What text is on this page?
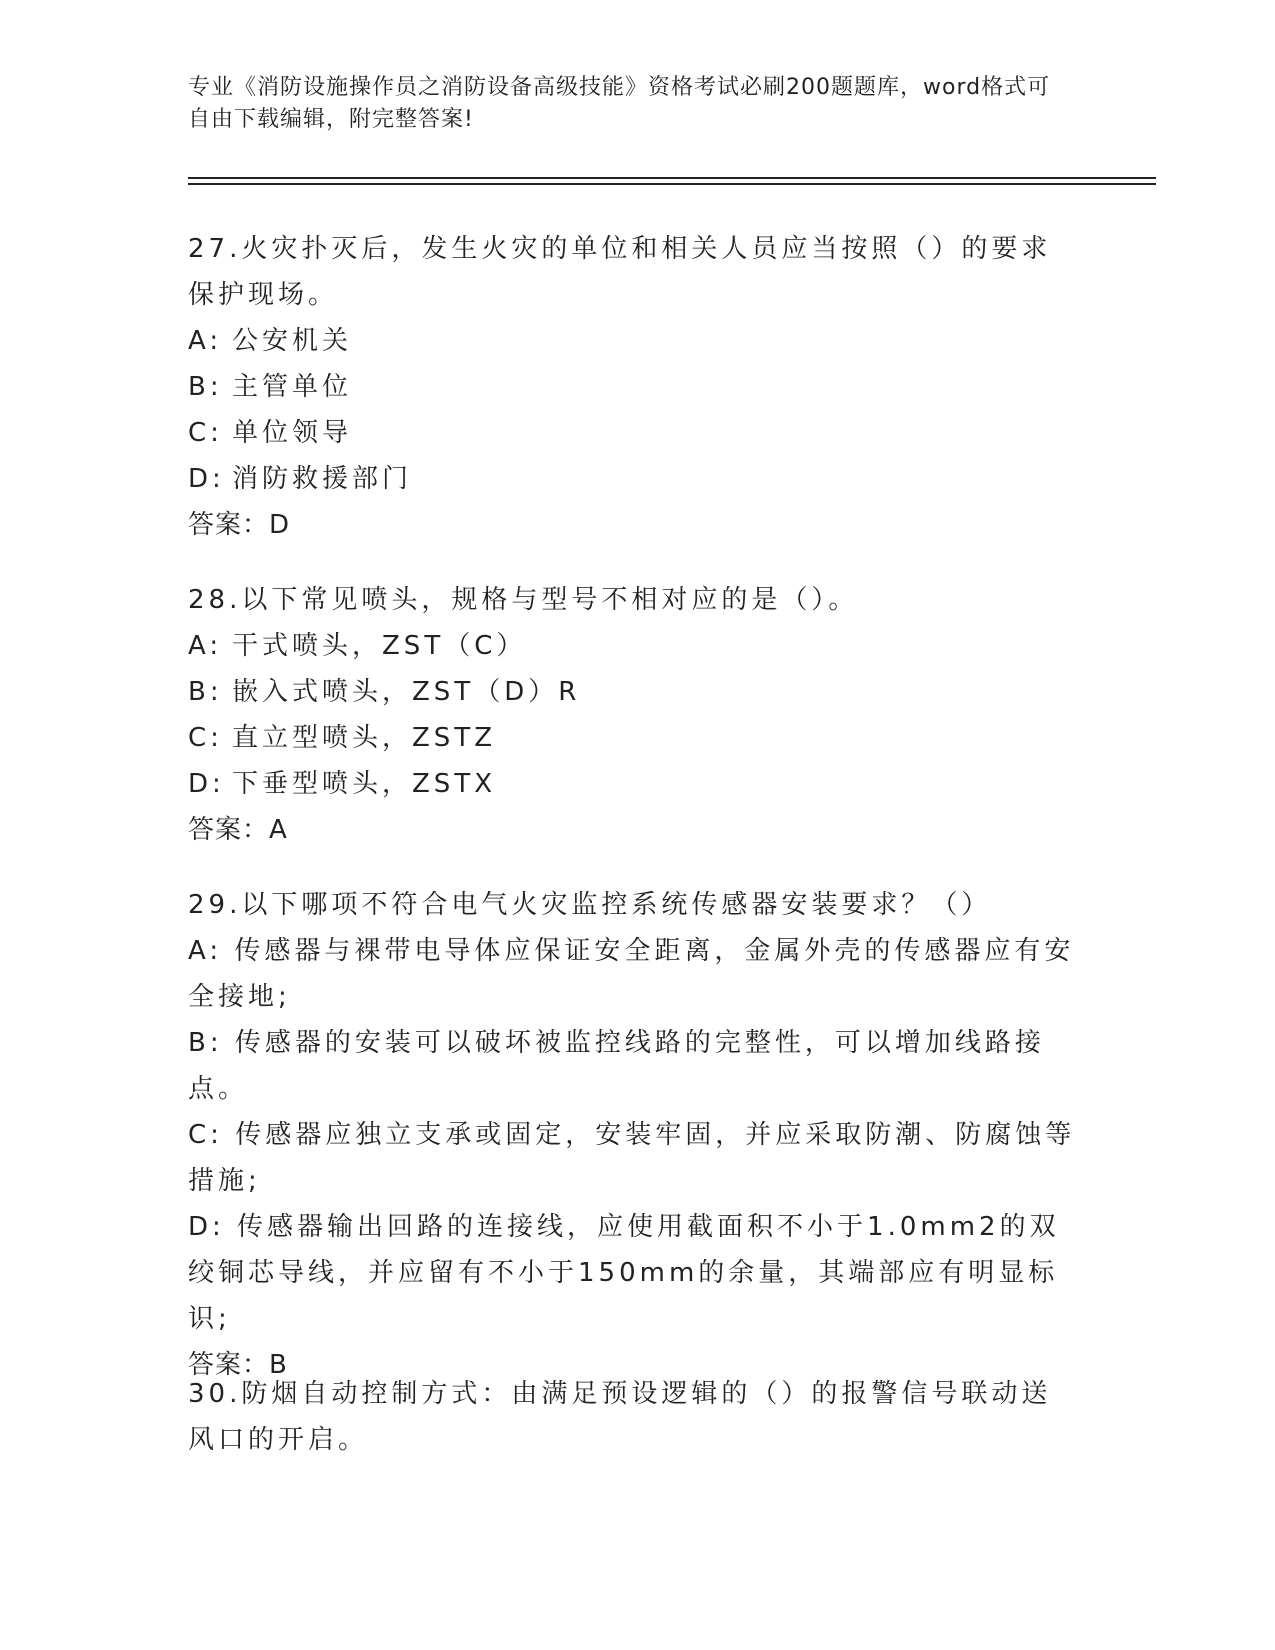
专业《消防设施操作员之消防设备高级技能》资格考试必刷200题题库，word格式可自由下载编辑，附完整答案!
27.火灾扑灭后，发生火灾的单位和相关人员应当按照（）的要求保护现场。
A: 公安机关
B: 主管单位
C: 单位领导
D: 消防救援部门
答案：D
28.以下常见喷头，规格与型号不相对应的是（）。
A: 干式喷头，ZST（C）
B: 嵌入式喷头，ZST（D）R
C: 直立型喷头，ZSTZ
D: 下垂型喷头，ZSTX
答案：A
29.以下哪项不符合电气火灾监控系统传感器安装要求？（）
A: 传感器与裸带电导体应保证安全距离，金属外壳的传感器应有安全接地;
B: 传感器的安装可以破坏被监控线路的完整性，可以增加线路接点。
C: 传感器应独立支承或固定，安装牢固，并应采取防潮、防腐蚀等措施;
D: 传感器输出回路的连接线，应使用截面积不小于1.0mm2的双绞铜芯导线，并应留有不小于150mm的余量，其端部应有明显标识;
答案：B
30.防烟自动控制方式：由满足预设逻辑的（）的报警信号联动送风口的开启。
